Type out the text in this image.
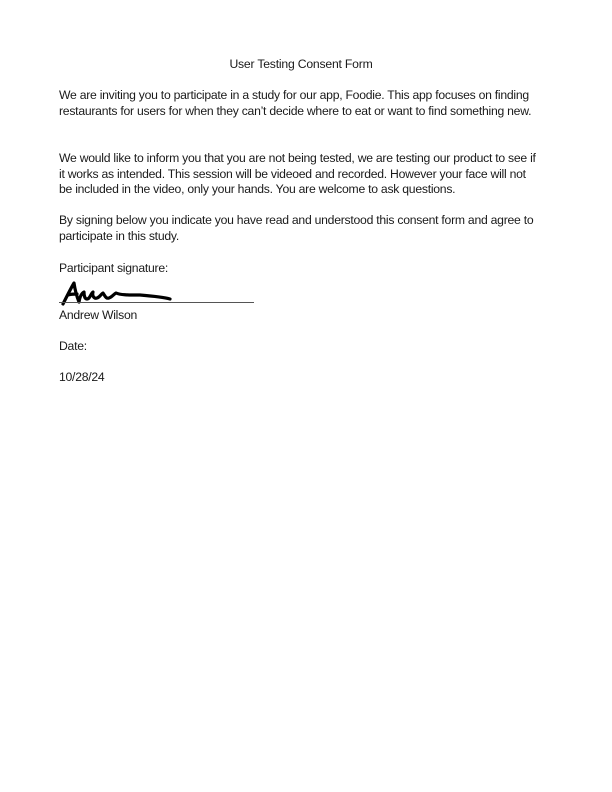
User Testing Consent Form

We are inviting you to participate in a study for our app, Foodie. This app focuses on finding restaurants for users for when they can’t decide where to eat or want to find something new.

We would like to inform you that you are not being tested, we are testing our product to see if it works as intended. This session will be videoed and recorded. However your face will not be included in the video, only your hands. You are welcome to ask questions.

By signing below you indicate you have read and understood this consent form and agree to participate in this study.

Participant signature:
Andrew Wilson
Date:
10/28/24
